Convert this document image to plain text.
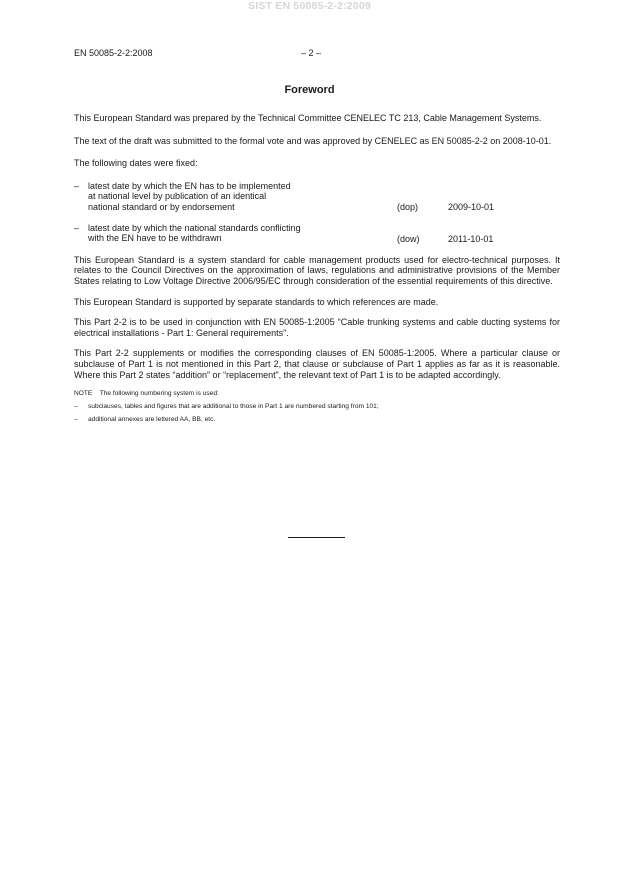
SIST EN 50085-2-2:2009
EN 50085-2-2:2008	– 2 –
Foreword

This European Standard was prepared by the Technical Committee CENELEC TC 213, Cable Management Systems.

The text of the draft was submitted to the formal vote and was approved by CENELEC as EN 50085-2-2 on 2008-10-01.

The following dates were fixed:

– latest date by which the EN has to be implemented
at national level by publication of an identical
national standard or by endorsement	(dop)	2009-10-01
– latest date by which the national standards conflicting
with the EN have to be withdrawn	(dow)	2011-10-01

This European Standard is a system standard for cable management products used for electro-technical purposes. It relates to the Council Directives on the approximation of laws, regulations and administrative provisions of the Member States relating to Low Voltage Directive 2006/95/EC through consideration of the essential requirements of this directive.

This European Standard is supported by separate standards to which references are made.

This Part 2-2 is to be used in conjunction with EN 50085-1:2005 “Cable trunking systems and cable ducting systems for electrical installations - Part 1: General requirements”.

This Part 2-2 supplements or modifies the corresponding clauses of EN 50085-1:2005. Where a particular clause or subclause of Part 1 is not mentioned in this Part 2, that clause or subclause of Part 1 applies as far as it is reasonable. Where this Part 2 states “addition” or “replacement”, the relevant text of Part 1 is to be adapted accordingly.

NOTE The following numbering system is used:
– subclauses, tables and figures that are additional to those in Part 1 are numbered starting from 101;
– additional annexes are lettered AA, BB, etc.
